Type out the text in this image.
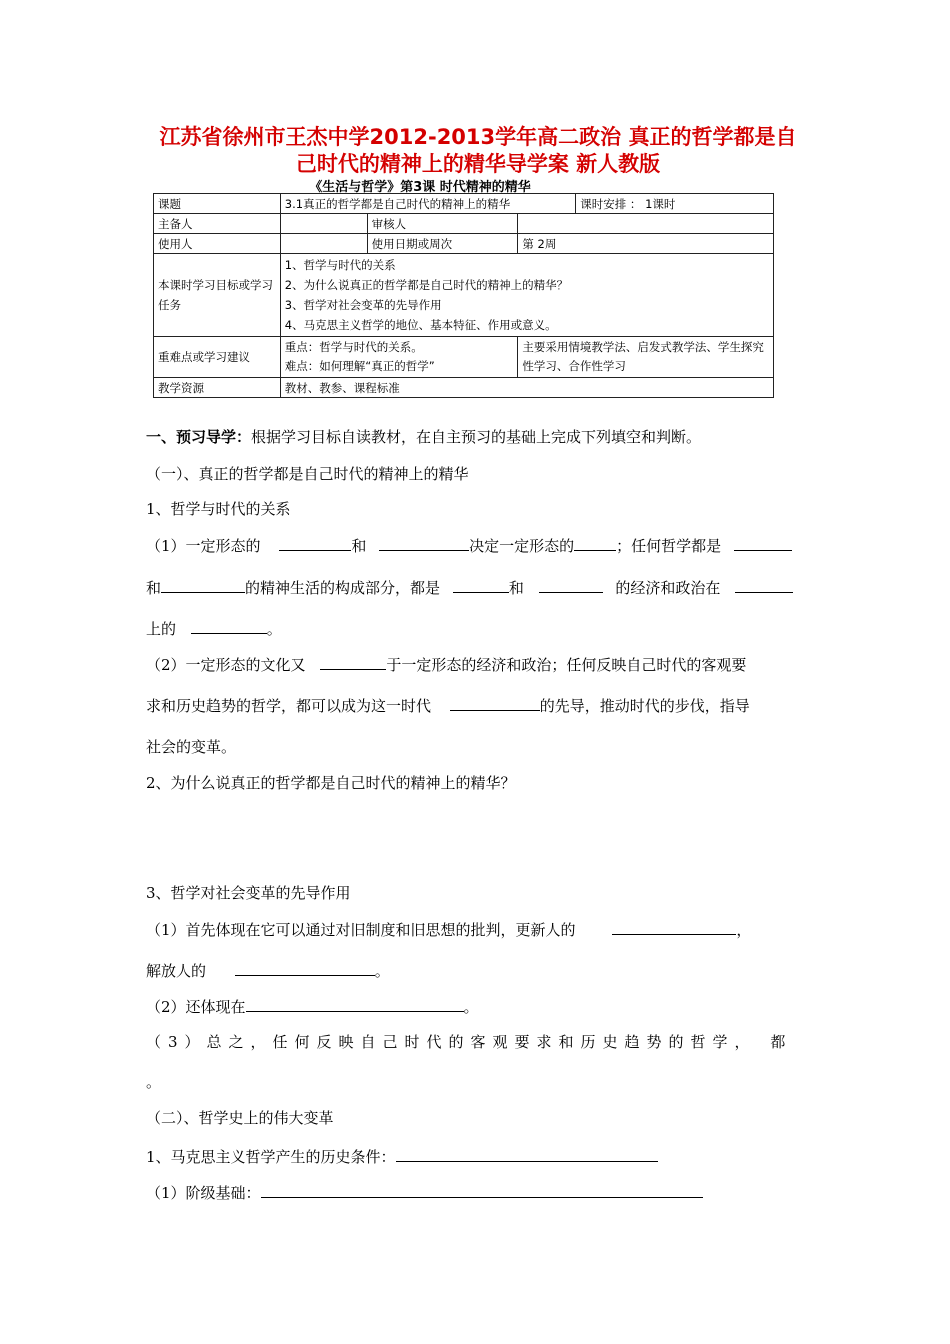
江苏省徐州市王杰中学2012-2013学年高二政治 真正的哲学都是自
己时代的精神上的精华导学案 新人教版
《生活与哲学》第3课 时代精神的精华
课题	3.1真正的哲学都是自己时代的精神上的精华			课时安排 ： 1课时
主备人		审核人		
使用人		使用日期或周次	第 2周	
本课时学习目标或学习任务	1、哲学与时代的关系
2、为什么说真正的哲学都是自己时代的精神上的精华？
3、哲学对社会变革的先导作用
4、马克思主义哲学的地位、基本特征、作用或意义。			

重难点或学习建议	重点：哲学与时代的关系。
难点：如何理解“真正的哲学”		主要采用情境教学法、启发式教学法、学生探究性学习、合作性学习	
教学资源	教材、教参、课程标准			
一、预习导学：根据学习目标自读教材，在自主预习的基础上完成下列填空和判断。
（一）、真正的哲学都是自己时代的精神上的精华
1、哲学与时代的关系
（1）一定形态的	和	决定一定形态的	；任何哲学都是
和	的精神生活的构成部分，都是	和	的经济和政治在
上的	。
（2）一定形态的文化又	于一定形态的经济和政治；任何反映自己时代的客观要
求和历史趋势的哲学，都可以成为这一时代	的先导，推动时代的步伐，指导
社会的变革。
2、为什么说真正的哲学都是自己时代的精神上的精华？
3、哲学对社会变革的先导作用
（1）首先体现在它可以通过对旧制度和旧思想的批判，更新人的	，
解放人的	。
（2）还体现在	。
（3）总之，任何反映自己时代的客观要求和历史趋势的哲学， 都
。
（二）、哲学史上的伟大变革
1、马克思主义哲学产生的历史条件：
（1）阶级基础：
